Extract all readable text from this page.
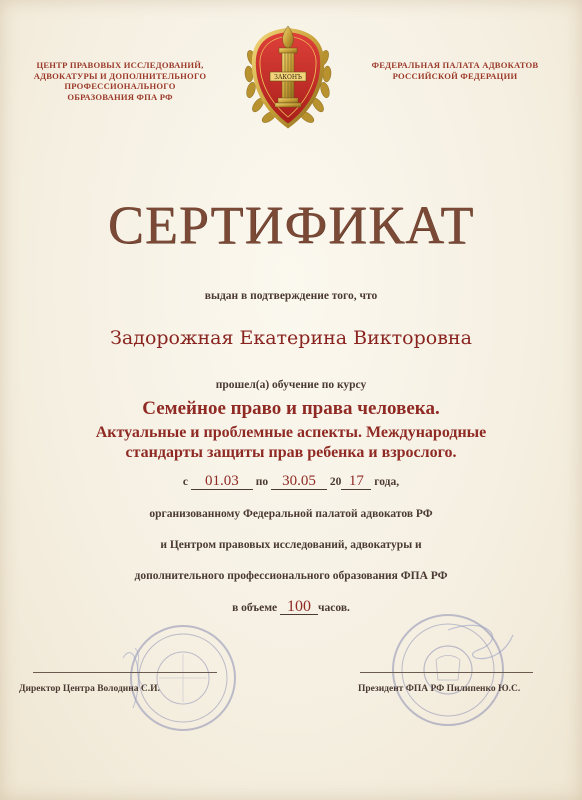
ЦЕНТР ПРАВОВЫХ ИССЛЕДОВАНИЙ,
АДВОКАТУРЫ И ДОПОЛНИТЕЛЬНОГО
ПРОФЕССИОНАЛЬНОГО
ОБРАЗОВАНИЯ ФПА РФ
ФЕДЕРАЛЬНАЯ ПАЛАТА АДВОКАТОВ
РОССИЙСКОЙ ФЕДЕРАЦИИ
ЗАКОНЪ
СЕРТИФИКАТ
выдан в подтверждение того, что
Задорожная Екатерина Викторовна
прошел(а) обучение по курсу
Семейное право и права человека.
Актуальные и проблемные аспекты. Международные
стандарты защиты прав ребенка и взрослого.
с 01.03 по 30.05 20 17 года,
организованному Федеральной палатой адвокатов РФ
и Центром правовых исследований, адвокатуры и
дополнительного профессионального образования ФПА РФ
в объеме 100 часов.
Директор Центра Володина С.И.	Президент ФПА РФ Пилипенко Ю.С.
